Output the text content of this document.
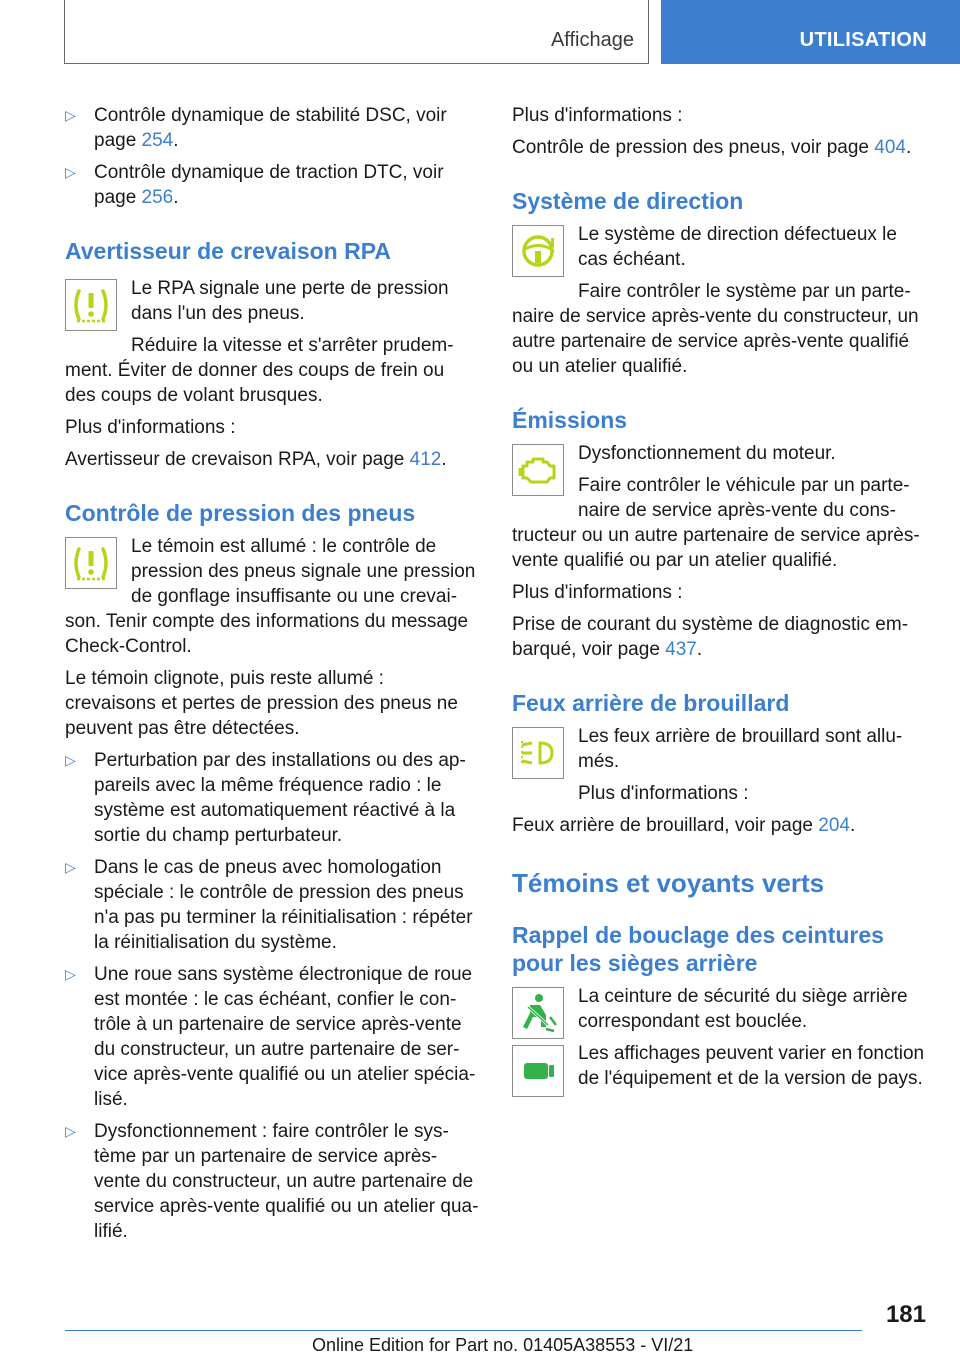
Affichage	UTILISATION
▷ Contrôle dynamique de stabilité DSC, voir page 254.
▷ Contrôle dynamique de traction DTC, voir page 256.
Avertisseur de crevaison RPA

Le RPA signale une perte de pression dans l'un des pneus.

Réduire la vitesse et s'arrêter prudemment. Éviter de donner des coups de frein ou des coups de volant brusques.

Plus d'informations :

Avertisseur de crevaison RPA, voir page 412.

Contrôle de pression des pneus

Le témoin est allumé : le contrôle de pression des pneus signale une pression de gonflage insuffisante ou une crevaison. Tenir compte des informations du message Check-Control.

Le témoin clignote, puis reste allumé : crevaisons et pertes de pression des pneus ne peuvent pas être détectées.

▷ Perturbation par des installations ou des appareils avec la même fréquence radio : le système est automatiquement réactivé à la sortie du champ perturbateur.
▷ Dans le cas de pneus avec homologation spéciale : le contrôle de pression des pneus n'a pas pu terminer la réinitialisation : répéter la réinitialisation du système.
▷ Une roue sans système électronique de roue est montée : le cas échéant, confier le contrôle à un partenaire de service après-vente du constructeur, un autre partenaire de service après-vente qualifié ou un atelier spécialisé.
▷ Dysfonctionnement : faire contrôler le système par un partenaire de service après-vente du constructeur, un autre partenaire de service après-vente qualifié ou un atelier qualifié.

Plus d'informations :

Contrôle de pression des pneus, voir page 404.

Système de direction

Le système de direction défectueux le cas échéant.

Faire contrôler le système par un partenaire de service après-vente du constructeur, un autre partenaire de service après-vente qualifié ou un atelier qualifié.

Émissions

Dysfonctionnement du moteur.

Faire contrôler le véhicule par un partenaire de service après-vente du constructeur ou un autre partenaire de service après-vente qualifié ou par un atelier qualifié.

Plus d'informations :

Prise de courant du système de diagnostic embarqué, voir page 437.

Feux arrière de brouillard

Les feux arrière de brouillard sont allumés.

Plus d'informations :

Feux arrière de brouillard, voir page 204.

Témoins et voyants verts
Rappel de bouclage des ceintures pour les sièges arrière

La ceinture de sécurité du siège arrière correspondant est bouclée.

Les affichages peuvent varier en fonction de l'équipement et de la version de pays.

181
Online Edition for Part no. 01405A38553 - VI/21
